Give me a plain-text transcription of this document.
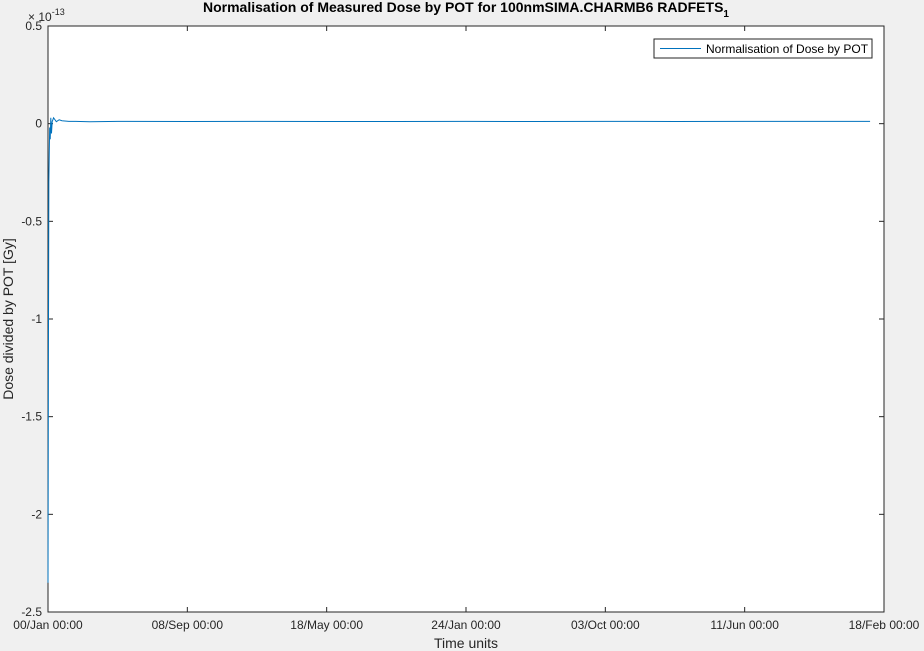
00/Jan 00:00	08/Sep 00:00	18/May 00:00	24/Jan 00:00	03/Oct 00:00	11/Jun 00:00	18/Feb 00:00
0.5
0
-0.5
-1
-1.5
-2
-2.5
Normalisation of Measured Dose by POT for 100nmSIMA.CHARMB6 $RADFETS_1$
× $10^{-13}$
Time units
Dose divided by POT [Gy]
Normalisation of Dose by POT
